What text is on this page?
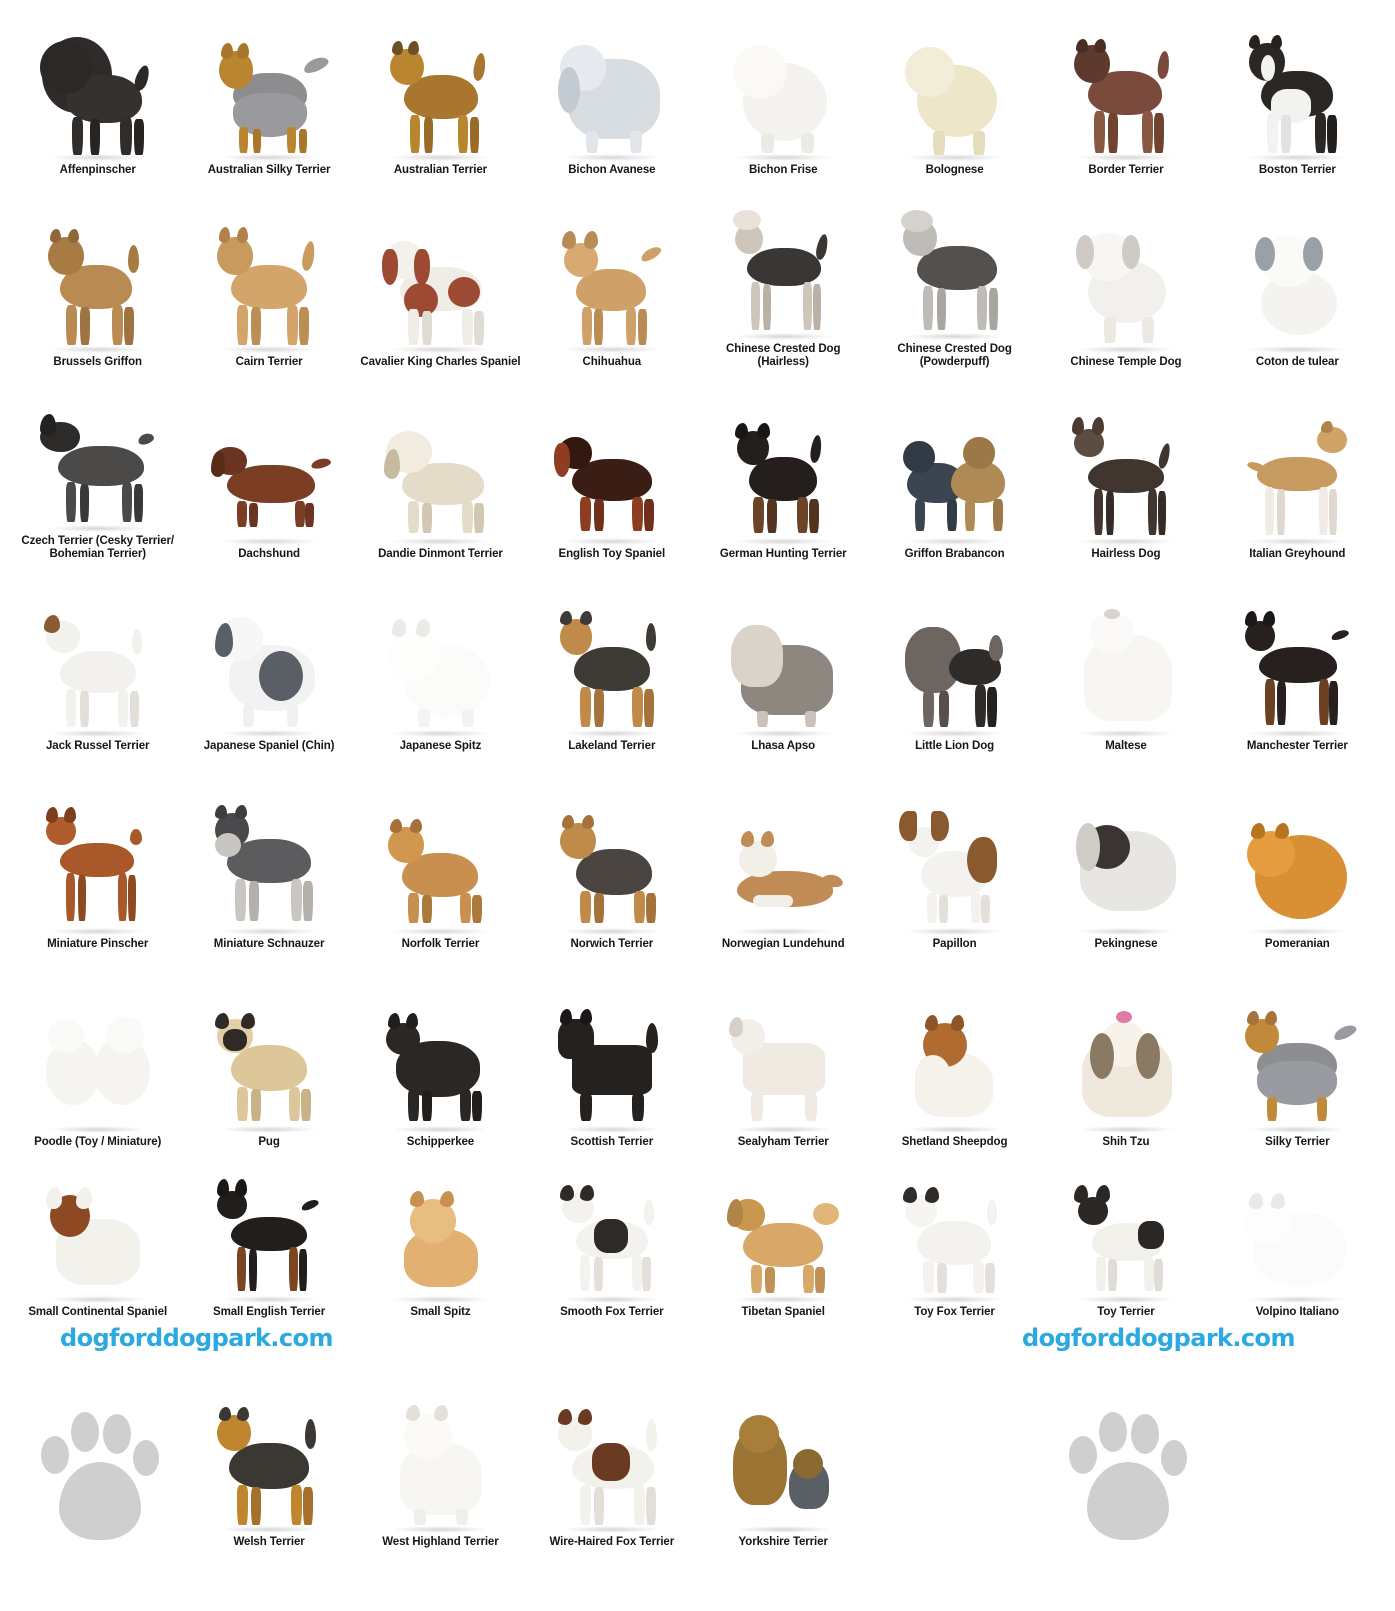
Affenpinscher	Australian Silky Terrier	Australian Terrier	Bichon Avanese	Bichon Frise	Bolognese	Border Terrier	Boston Terrier
Brussels Griffon	Cairn Terrier	Cavalier King Charles Spaniel	Chihuahua
Chinese Crested Dog (Hairless)
Chinese Crested Dog (Powderpuff)	Chinese Temple Dog	Coton de tulear
Czech Terrier (Cesky Terrier/ Bohemian Terrier)	Dachshund	Dandie Dinmont Terrier	English Toy Spaniel	German Hunting Terrier	Griffon Brabancon	Hairless Dog	Italian Greyhound
Jack Russel Terrier	Japanese Spaniel (Chin)	Japanese Spitz	Lakeland Terrier	Lhasa Apso	Little Lion Dog	Maltese	Manchester Terrier
Miniature Pinscher	Miniature Schnauzer	Norfolk Terrier	Norwich Terrier	Norwegian Lundehund	Papillon	Pekingnese	Pomeranian
Poodle (Toy / Miniature)	Pug	Schipperkee	Scottish Terrier	Sealyham Terrier	Shetland Sheepdog	Shih Tzu	Silky Terrier
Small Continental Spaniel	Small English Terrier	Small Spitz	Smooth Fox Terrier	Tibetan Spaniel	Toy Fox Terrier	Toy Terrier	Volpino Italiano
dogforddogpark.com	dogforddogpark.com
Welsh Terrier	West Highland Terrier	Wire-Haired Fox Terrier	Yorkshire Terrier
